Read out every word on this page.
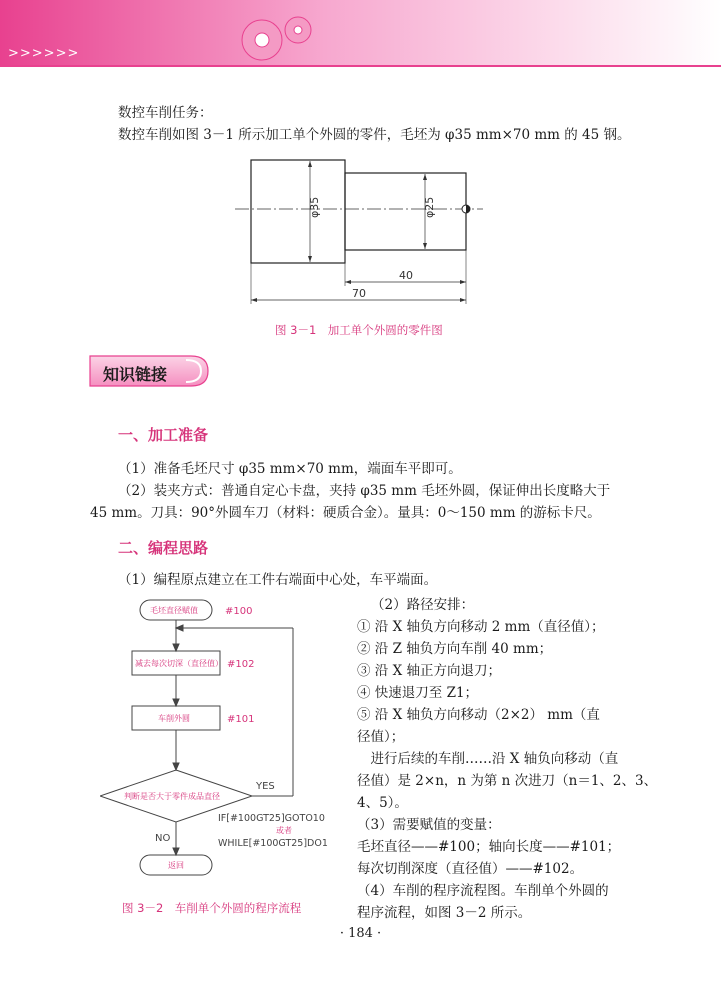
>>>>>>
数控车削任务：
数控车削如图 3－1 所示加工单个外圆的零件，毛坯为 φ35 mm×70 mm 的 45 钢。
φ35	φ25
40
70
图 3－1　加工单个外圆的零件图
知识链接
一、加工准备
（1）准备毛坯尺寸 φ35 mm×70 mm，端面车平即可。
（2）装夹方式：普通自定心卡盘，夹持 φ35 mm 毛坯外圆，保证伸出长度略大于
45 mm。刀具：90°外圆车刀（材料：硬质合金）。量具：0～150 mm 的游标卡尺。
二、编程思路
（1）编程原点建立在工件右端面中心处，车平端面。
毛坯直径赋值	#100
减去每次切深（直径值） #102
车削外圆	#101
判断是否大于零件成品直径
YES
NO
IF[#100GT25]GOTO10
或者
WHILE[#100GT25]DO1
返回
图 3－2　车削单个外圆的程序流程
（2）路径安排：
① 沿 X 轴负方向移动 2 mm（直径值）；
② 沿 Z 轴负方向车削 40 mm；
③ 沿 X 轴正方向退刀；
④ 快速退刀至 Z1；
⑤ 沿 X 轴负方向移动（2×2） mm（直
径值）；
　进行后续的车削……沿 X 轴负向移动（直
径值）是 2×n，n 为第 n 次进刀（n＝1、2、3、
4、5）。
（3）需要赋值的变量：
毛坯直径——#100；轴向长度——#101；
每次切削深度（直径值）——#102。
（4）车削的程序流程图。车削单个外圆的
程序流程，如图 3－2 所示。
· 184 ·
